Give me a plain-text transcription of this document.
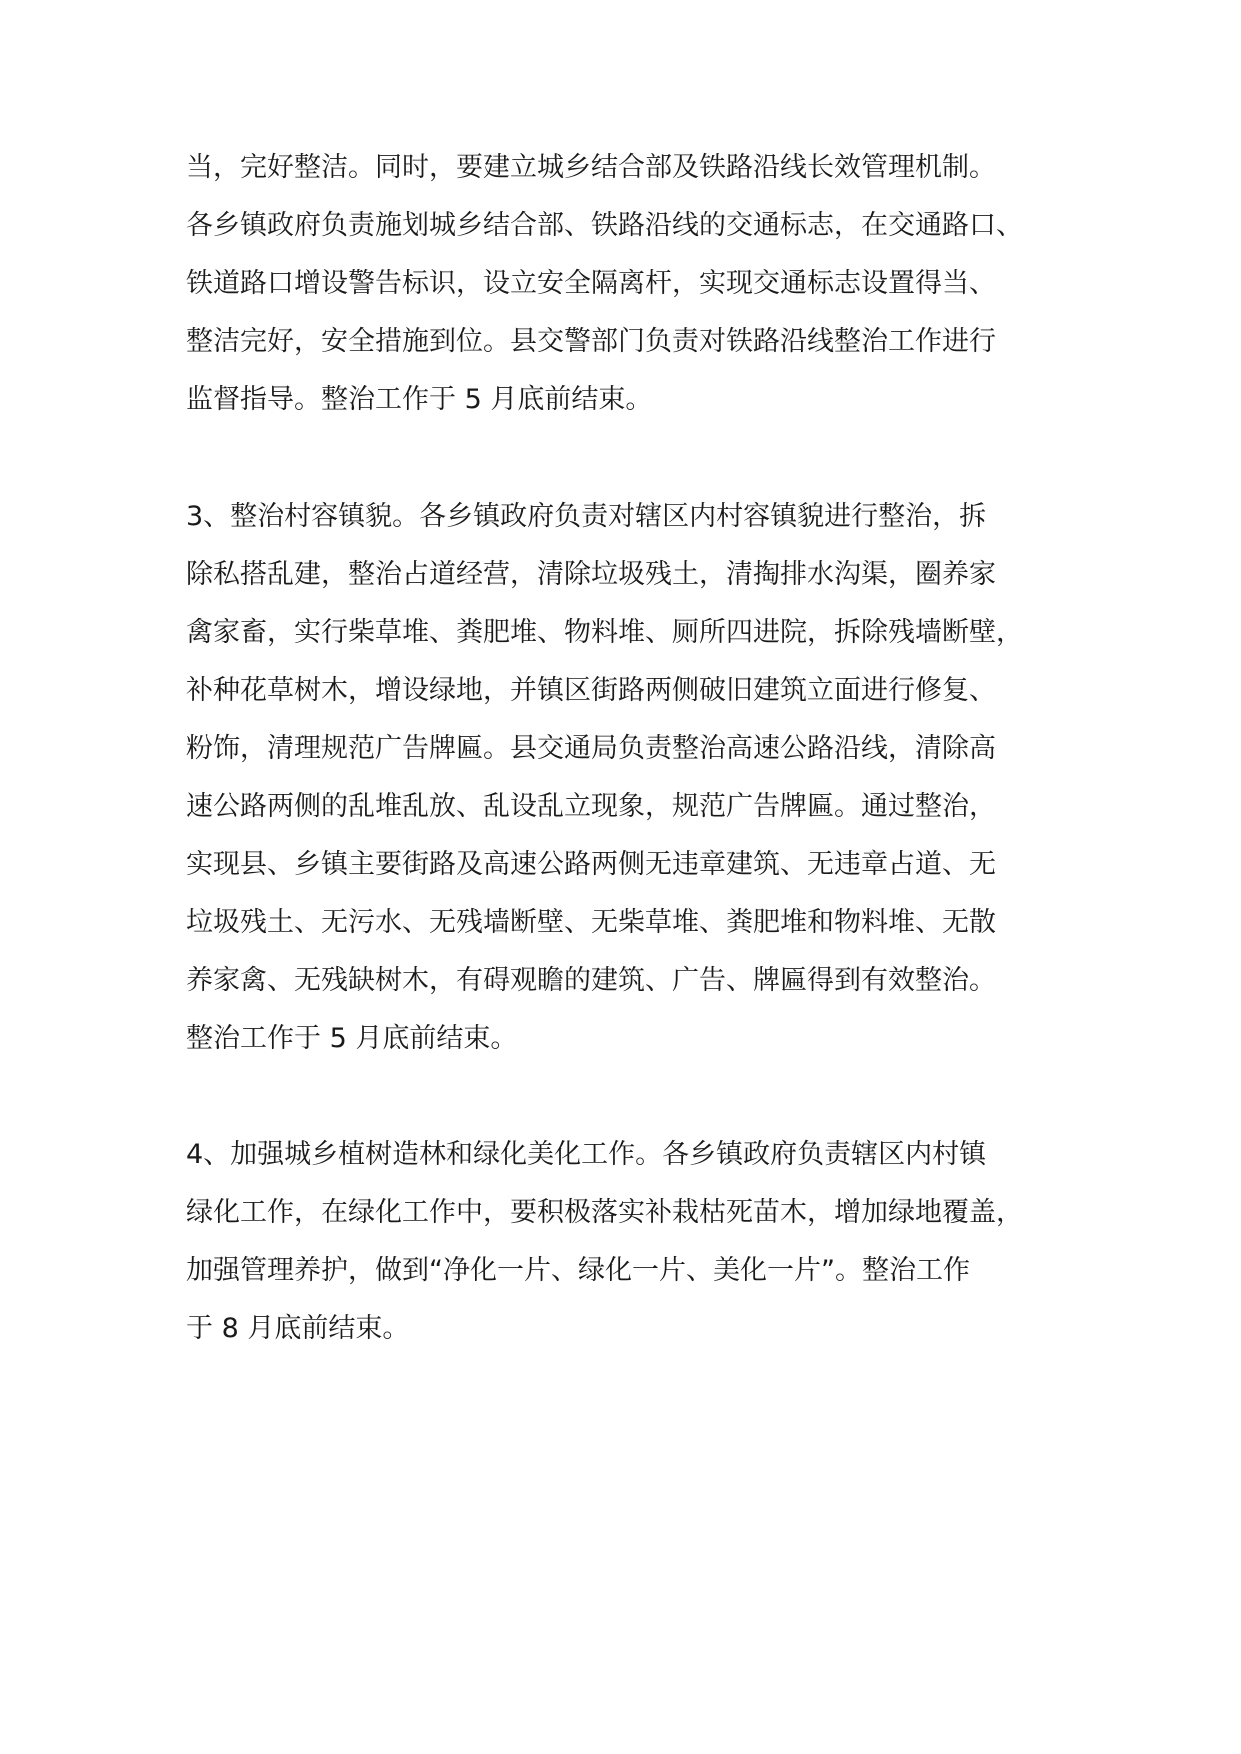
当，完好整洁。同时，要建立城乡结合部及铁路沿线长效管理机制。
各乡镇政府负责施划城乡结合部、铁路沿线的交通标志，在交通路口、
铁道路口增设警告标识，设立安全隔离杆，实现交通标志设置得当、
整洁完好，安全措施到位。县交警部门负责对铁路沿线整治工作进行
监督指导。整治工作于 5 月底前结束。
3、整治村容镇貌。各乡镇政府负责对辖区内村容镇貌进行整治，拆
除私搭乱建，整治占道经营，清除垃圾残土，清掏排水沟渠，圈养家
禽家畜，实行柴草堆、粪肥堆、物料堆、厕所四进院，拆除残墙断壁，
补种花草树木，增设绿地，并镇区街路两侧破旧建筑立面进行修复、
粉饰，清理规范广告牌匾。县交通局负责整治高速公路沿线，清除高
速公路两侧的乱堆乱放、乱设乱立现象，规范广告牌匾。通过整治，
实现县、乡镇主要街路及高速公路两侧无违章建筑、无违章占道、无
垃圾残土、无污水、无残墙断壁、无柴草堆、粪肥堆和物料堆、无散
养家禽、无残缺树木，有碍观瞻的建筑、广告、牌匾得到有效整治。
整治工作于 5 月底前结束。
4、加强城乡植树造林和绿化美化工作。各乡镇政府负责辖区内村镇
绿化工作，在绿化工作中，要积极落实补栽枯死苗木，增加绿地覆盖，
加强管理养护，做到“净化一片、绿化一片、美化一片”。整治工作
于 8 月底前结束。
